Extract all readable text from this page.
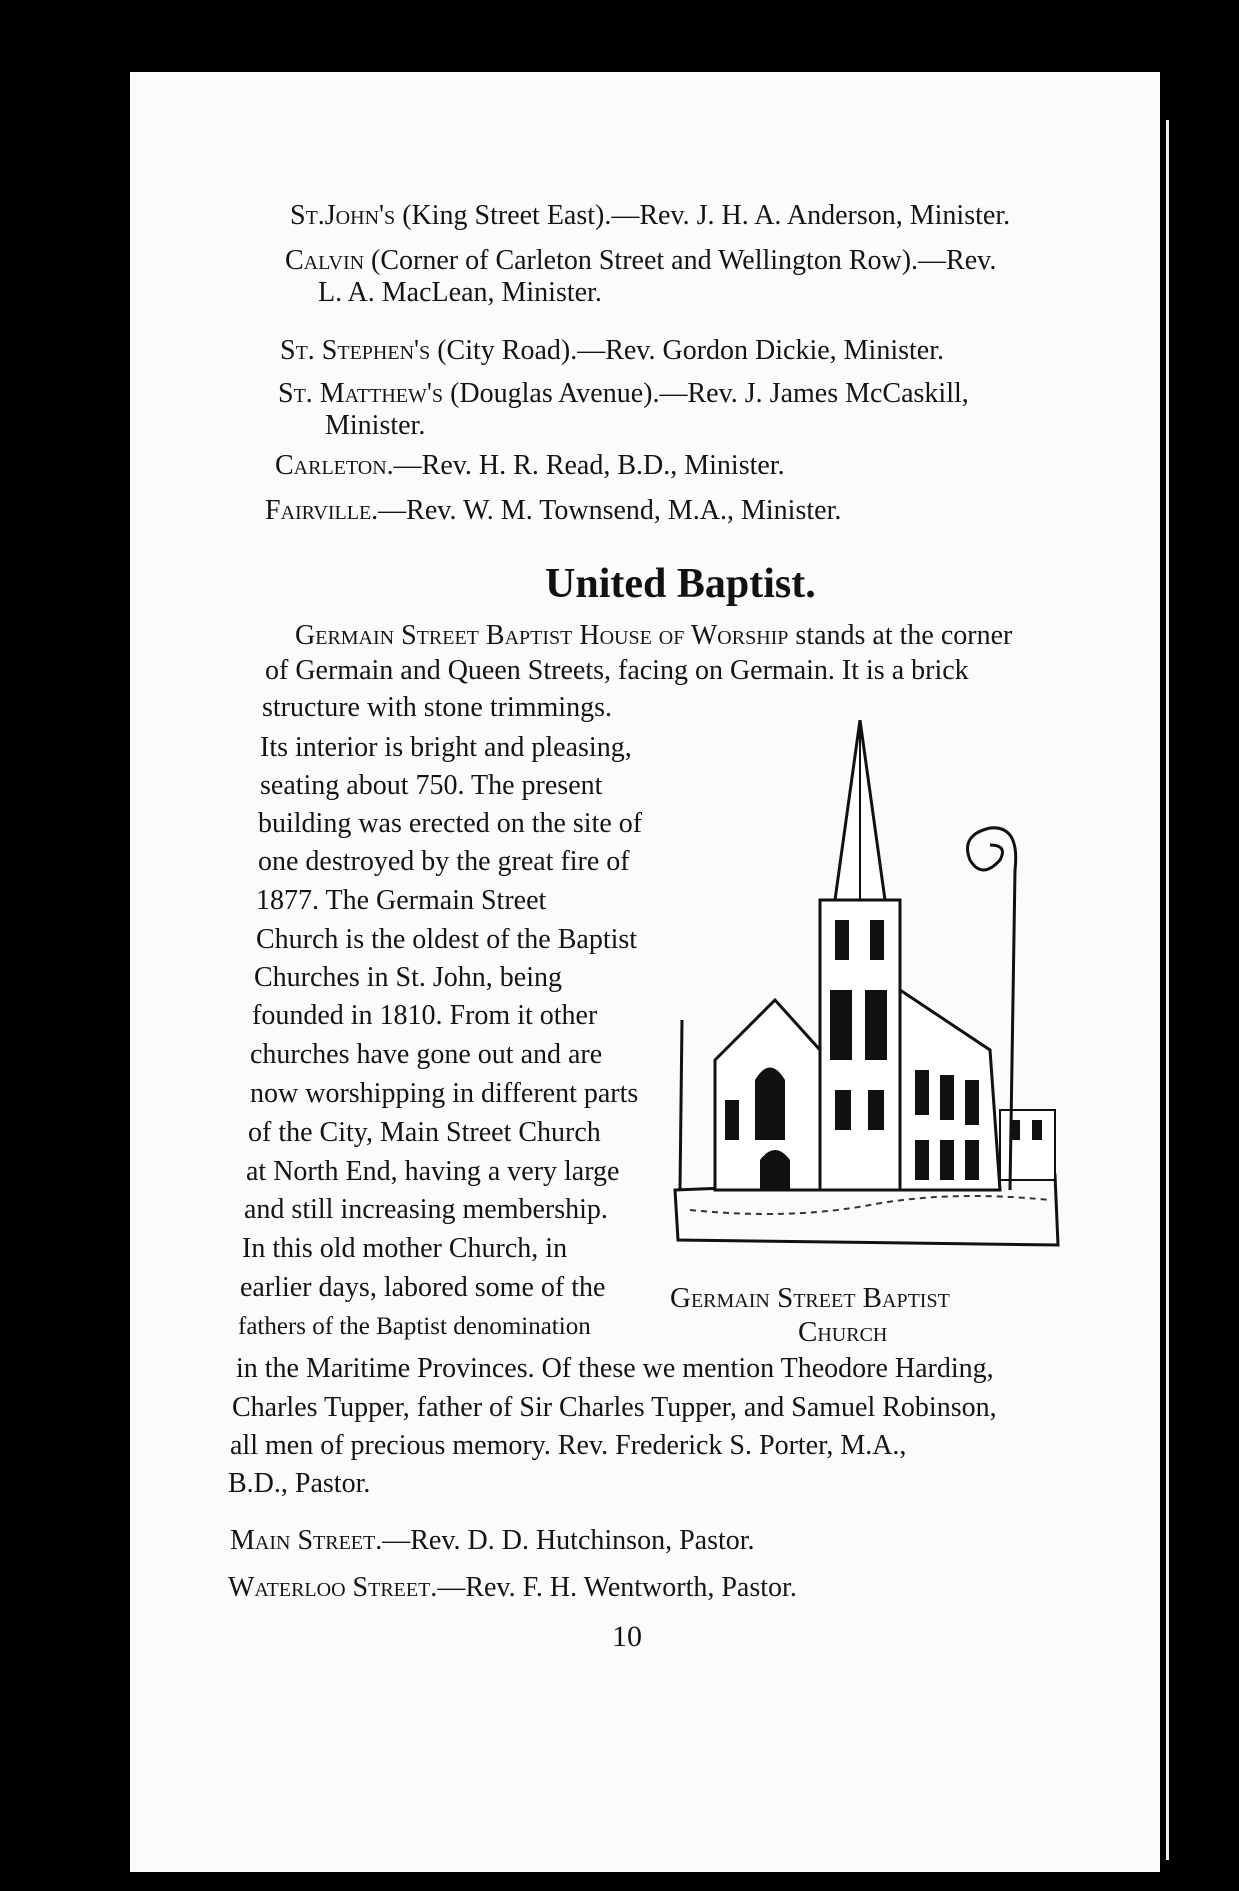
St.John's (King Street East).—Rev. J. H. A. Anderson, Minister.
Calvin (Corner of Carleton Street and Wellington Row).—Rev.
L. A. MacLean, Minister.
St. Stephen's (City Road).—Rev. Gordon Dickie, Minister.
St. Matthew's (Douglas Avenue).—Rev. J. James McCaskill,
Minister.
Carleton.—Rev. H. R. Read, B.D., Minister.
Fairville.—Rev. W. M. Townsend, M.A., Minister.
United Baptist.
Germain Street Baptist House of Worship stands at the corner
of Germain and Queen Streets, facing on Germain. It is a brick
structure with stone trimmings.
Its interior is bright and pleasing,
seating about 750. The present
building was erected on the site of
one destroyed by the great fire of
1877. The Germain Street
Church is the oldest of the Baptist
Churches in St. John, being
founded in 1810. From it other
churches have gone out and are
now worshipping in different parts
of the City, Main Street Church
at North End, having a very large
and still increasing membership.
In this old mother Church, in
earlier days, labored some of the
fathers of the Baptist denomination
Germain Street Baptist
Church
in the Maritime Provinces. Of these we mention Theodore Harding,
Charles Tupper, father of Sir Charles Tupper, and Samuel Robinson,
all men of precious memory. Rev. Frederick S. Porter, M.A.,
B.D., Pastor.
Main Street.—Rev. D. D. Hutchinson, Pastor.
Waterloo Street.—Rev. F. H. Wentworth, Pastor.
10
